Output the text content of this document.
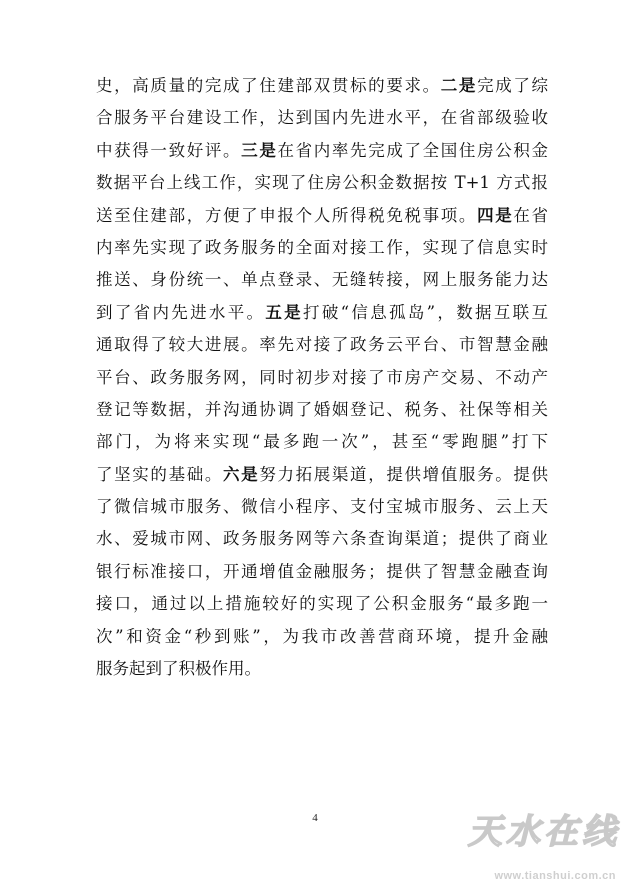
史，高质量的完成了住建部双贯标的要求。二是完成了综
合服务平台建设工作，达到国内先进水平，在省部级验收
中获得一致好评。三是在省内率先完成了全国住房公积金
数据平台上线工作，实现了住房公积金数据按 T+1 方式报
送至住建部，方便了申报个人所得税免税事项。四是在省
内率先实现了政务服务的全面对接工作，实现了信息实时
推送、身份统一、单点登录、无缝转接，网上服务能力达
到了省内先进水平。五是打破“信息孤岛”，数据互联互
通取得了较大进展。率先对接了政务云平台、市智慧金融
平台、政务服务网，同时初步对接了市房产交易、不动产
登记等数据，并沟通协调了婚姻登记、税务、社保等相关
部门，为将来实现“最多跑一次”，甚至“零跑腿”打下
了坚实的基础。六是努力拓展渠道，提供增值服务。提供
了微信城市服务、微信小程序、支付宝城市服务、云上天
水、爱城市网、政务服务网等六条查询渠道；提供了商业
银行标准接口，开通增值金融服务；提供了智慧金融查询
接口，通过以上措施较好的实现了公积金服务“最多跑一
次”和资金“秒到账”，为我市改善营商环境，提升金融
服务起到了积极作用。
4	天水在线
www.tianshui.com.cn
